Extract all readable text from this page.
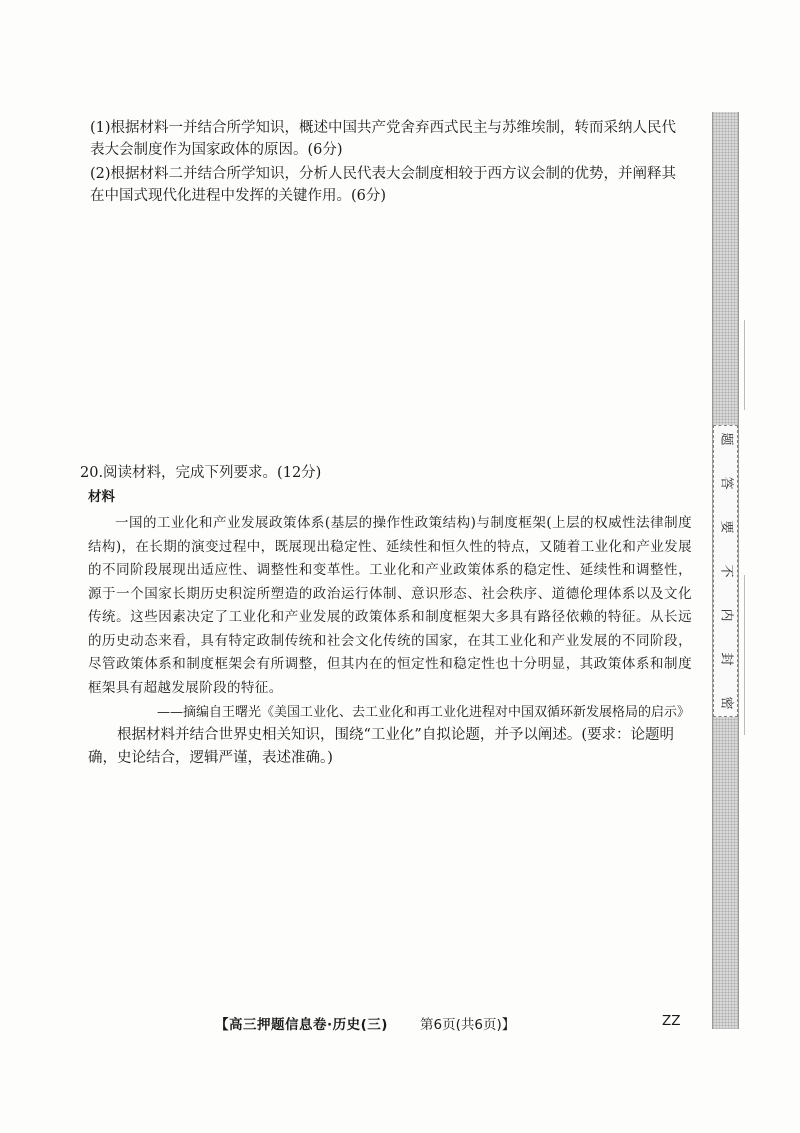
(1)根据材料一并结合所学知识，概述中国共产党舍弃西式民主与苏维埃制，转而采纳人民代表大会制度作为国家政体的原因。(6分)

(2)根据材料二并结合所学知识，分析人民代表大会制度相较于西方议会制的优势，并阐释其在中国式现代化进程中发挥的关键作用。(6分)

20.阅读材料，完成下列要求。(12分)

材料

一国的工业化和产业发展政策体系(基层的操作性政策结构)与制度框架(上层的权威性法律制度结构)，在长期的演变过程中，既展现出稳定性、延续性和恒久性的特点，又随着工业化和产业发展的不同阶段展现出适应性、调整性和变革性。工业化和产业政策体系的稳定性、延续性和调整性，源于一个国家长期历史积淀所塑造的政治运行体制、意识形态、社会秩序、道德伦理体系以及文化传统。这些因素决定了工业化和产业发展的政策体系和制度框架大多具有路径依赖的特征。从长远的历史动态来看，具有特定政制传统和社会文化传统的国家，在其工业化和产业发展的不同阶段，尽管政策体系和制度框架会有所调整，但其内在的恒定性和稳定性也十分明显，其政策体系和制度框架具有超越发展阶段的特征。

——摘编自王曙光《美国工业化、去工业化和再工业化进程对中国双循环新发展格局的启示》

根据材料并结合世界史相关知识，围绕“工业化”自拟论题，并予以阐述。(要求：论题明确，史论结合，逻辑严谨，表述准确。)

【高三押题信息卷·历史(三) 第6页(共6页)】	ZZ
题
答
要
不
内
封
密
